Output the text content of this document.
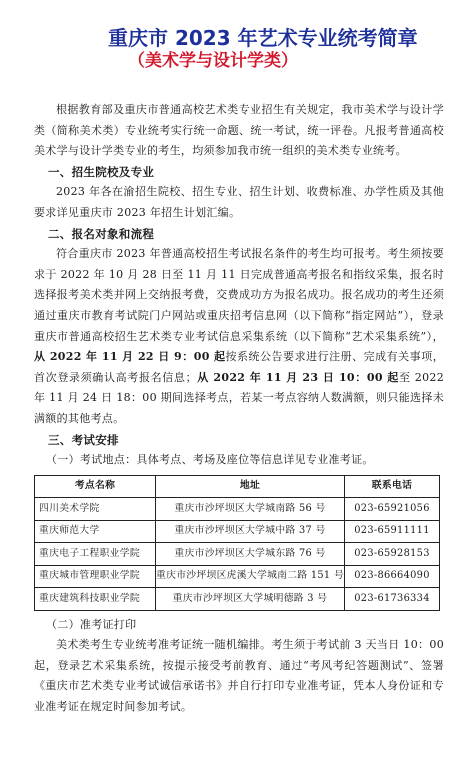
重庆市 2023 年艺术专业统考简章
（美术学与设计学类）

根据教育部及重庆市普通高校艺术类专业招生有关规定，我市美术学与设计学类（简称美术类）专业统考实行统一命题、统一考试，统一评卷。凡报考普通高校美术学与设计学类专业的考生，均须参加我市统一组织的美术类专业统考。

一、招生院校及专业

2023 年各在渝招生院校、招生专业、招生计划、收费标准、办学性质及其他要求详见重庆市 2023 年招生计划汇编。

二、报名对象和流程

符合重庆市 2023 年普通高校招生考试报名条件的考生均可报考。考生须按要求于 2022 年 10 月 28 日至 11 月 11 日完成普通高考报名和指纹采集，报名时选择报考美术类并网上交纳报考费，交费成功方为报名成功。报名成功的考生还须通过重庆市教育考试院门户网站或重庆招考信息网（以下简称“指定网站”），登录重庆市普通高校招生艺术类专业考试信息采集系统（以下简称“艺术采集系统”），从 2022 年 11 月 22 日 9：00 起按系统公告要求进行注册、完成有关事项，首次登录须确认高考报名信息；从 2022 年 11 月 23 日 10：00 起至 2022 年 11 月 24 日 18：00 期间选择考点，若某一考点容纳人数满额，则只能选择未满额的其他考点。

三、考试安排
（一）考试地点：具体考点、考场及座位等信息详见专业准考证。
考点名称	地址	联系电话
四川美术学院	重庆市沙坪坝区大学城南路 56 号	023-65921056
重庆师范大学	重庆市沙坪坝区大学城中路 37 号	023-65911111
重庆电子工程职业学院	重庆市沙坪坝区大学城东路 76 号	023-65928153
重庆城市管理职业学院	重庆市沙坪坝区虎溪大学城南二路 151 号	023-86664090
重庆建筑科技职业学院	重庆市沙坪坝区大学城明德路 3 号	023-61736334
（二）准考证打印

美术类考生专业统考准考证统一随机编排。考生须于考试前 3 天当日 10：00 起，登录艺术采集系统，按提示接受考前教育、通过“考风考纪答题测试”、签署《重庆市艺术类专业考试诚信承诺书》并自行打印专业准考证，凭本人身份证和专业准考证在规定时间参加考试。
